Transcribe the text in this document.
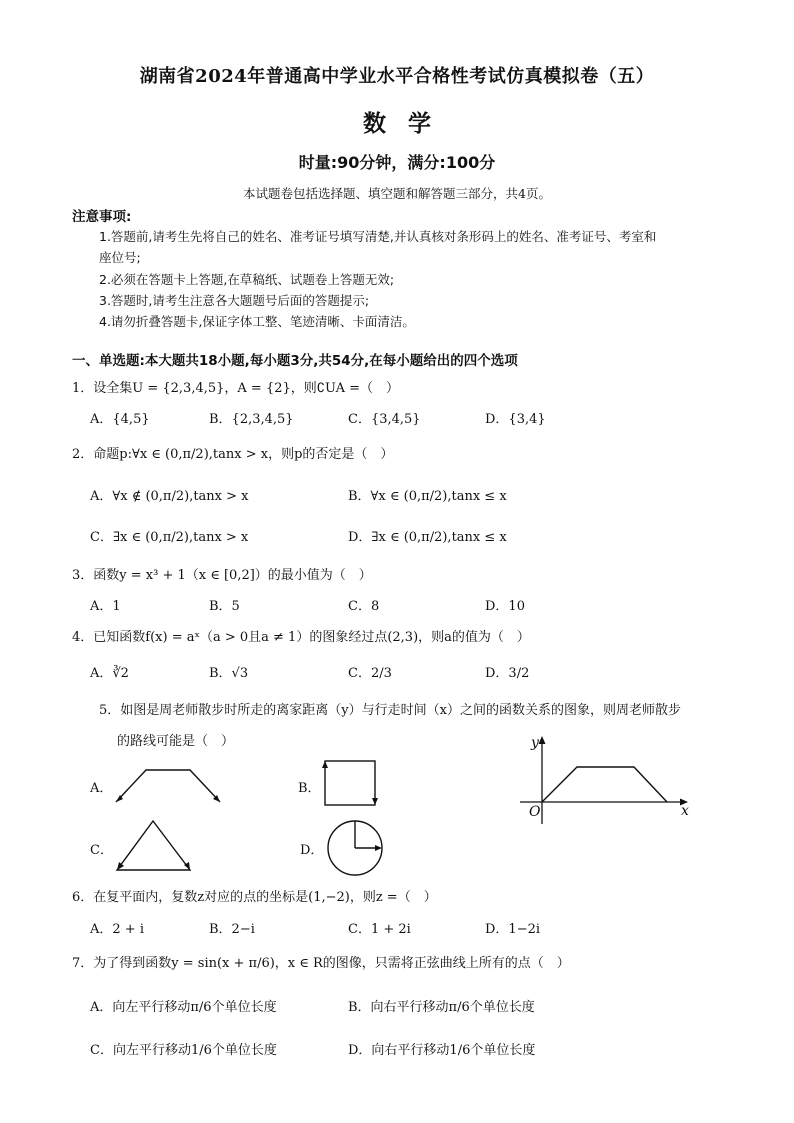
湖南省2024年普通高中学业水平合格性考试仿真模拟卷（五）
数学
时量:90分钟，满分:100分
本试题卷包括选择题、填空题和解答题三部分，共4页。
注意事项:
1.答题前,请考生先将自己的姓名、准考证号填写清楚,并认真核对条形码上的姓名、准考证号、考室和
座位号;
2.必须在答题卡上答题,在草稿纸、试题卷上答题无效;
3.答题时,请考生注意各大题题号后面的答题提示;
4.请勿折叠答题卡,保证字体工整、笔迹清晰、卡面清洁。
一、单选题:本大题共18小题,每小题3分,共54分,在每小题给出的四个选项
1．设全集U = {2,3,4,5}，A = {2}，则∁UA =（　）
A．{4,5}	B．{2,3,4,5}	C．{3,4,5}	D．{3,4}
2．命题p:∀x ∈ (0,π/2),tanx > x，则p的否定是（　）
A．∀x ∉ (0,π/2),tanx > x	B．∀x ∈ (0,π/2),tanx ≤ x
C．∃x ∈ (0,π/2),tanx > x	D．∃x ∈ (0,π/2),tanx ≤ x
3．函数y = x³ + 1（x ∈ [0,2]）的最小值为（　）
A．1	B．5	C．8	D．10
4．已知函数f(x) = aˣ（a > 0且a ≠ 1）的图象经过点(2,3)，则a的值为（　）
A．∛2	B．√3	C．2/3	D．3/2
5．如图是周老师散步时所走的离家距离（y）与行走时间（x）之间的函数关系的图象，则周老师散步
的路线可能是（　）
A．	B．
C．	D．
y
x
O
6．在复平面内，复数z对应的点的坐标是(1,−2)，则z =（　）
A．2 + i	B．2−i	C．1 + 2i	D．1−2i
7．为了得到函数y = sin(x + π/6)，x ∈ R的图像，只需将正弦曲线上所有的点（　）
A．向左平行移动π/6个单位长度	B．向右平行移动π/6个单位长度
C．向左平行移动1/6个单位长度	D．向右平行移动1/6个单位长度
